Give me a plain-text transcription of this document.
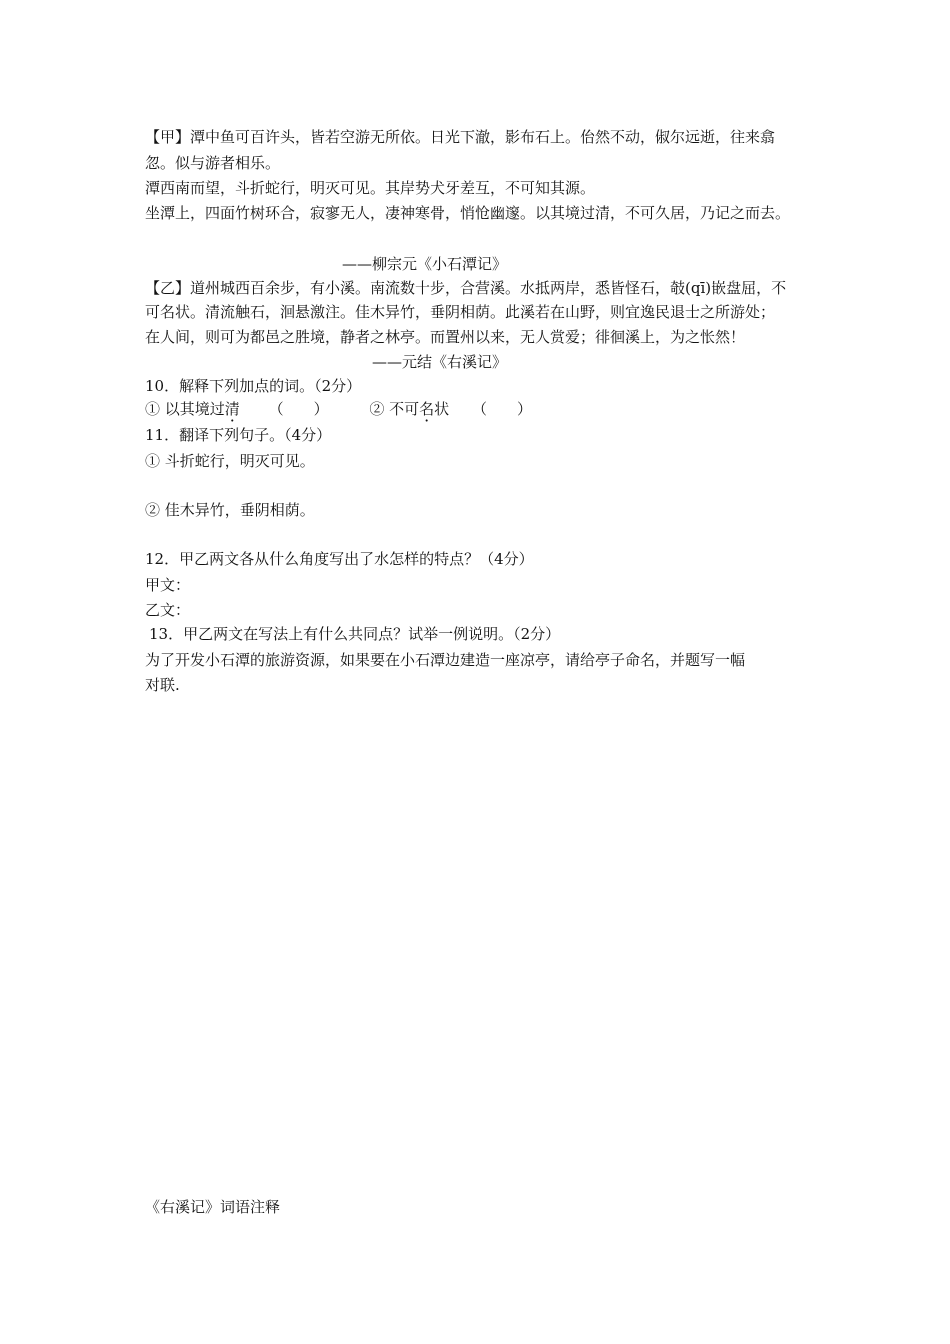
【甲】潭中鱼可百许头，皆若空游无所依。日光下澈，影布石上。佁然不动，俶尔远逝，往来翕
忽。似与游者相乐。
潭西南而望，斗折蛇行，明灭可见。其岸势犬牙差互，不可知其源。
坐潭上，四面竹树环合，寂寥无人，凄神寒骨，悄怆幽邃。以其境过清，不可久居，乃记之而去。
——柳宗元《小石潭记》
【乙】道州城西百余步，有小溪。南流数十步，合营溪。水抵两岸，悉皆怪石，攲(qī)嵌盘屈，不
可名状。清流触石，洄悬激注。佳木异竹，垂阴相荫。此溪若在山野，则宜逸民退士之所游处；
在人间，则可为都邑之胜境，静者之林亭。而置州以来，无人赏爱；徘徊溪上，为之怅然！
——元结《右溪记》
10．解释下列加点的词。（2分）
① 以其境过清 （　　）	② 不可名状 （　　）
11．翻译下列句子。（4分）
① 斗折蛇行，明灭可见。
② 佳木异竹，垂阴相荫。
12．甲乙两文各从什么角度写出了水怎样的特点？（4分）
甲文：
乙文：
13．甲乙两文在写法上有什么共同点？试举一例说明。（2分）
为了开发小石潭的旅游资源，如果要在小石潭边建造一座凉亭，请给亭子命名，并题写一幅
对联.
《右溪记》词语注释
